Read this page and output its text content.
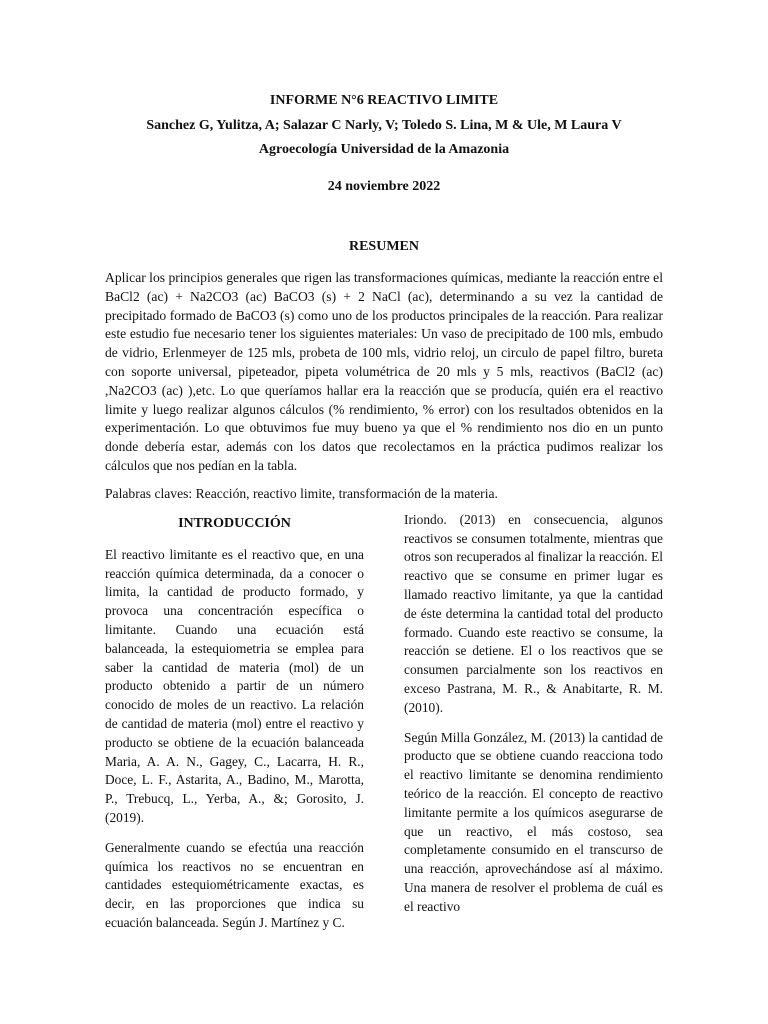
INFORME N°6 REACTIVO LIMITE

Sanchez G, Yulitza, A; Salazar C Narly, V; Toledo S. Lina, M & Ule, M Laura V

Agroecología Universidad de la Amazonia

24 noviembre 2022

RESUMEN

Aplicar los principios generales que rigen las transformaciones químicas, mediante la reacción entre el BaCl2 (ac) + Na2CO3 (ac) BaCO3 (s) + 2 NaCl (ac), determinando a su vez la cantidad de precipitado formado de BaCO3 (s) como uno de los productos principales de la reacción. Para realizar este estudio fue necesario tener los siguientes materiales: Un vaso de precipitado de 100 mls, embudo de vidrio, Erlenmeyer de 125 mls, probeta de 100 mls, vidrio reloj, un circulo de papel filtro, bureta con soporte universal, pipeteador, pipeta volumétrica de 20 mls y 5 mls, reactivos (BaCl2 (ac) ,Na2CO3 (ac) ),etc. Lo que queríamos hallar era la reacción que se producía, quién era el reactivo limite y luego realizar algunos cálculos (% rendimiento, % error) con los resultados obtenidos en la experimentación. Lo que obtuvimos fue muy bueno ya que el % rendimiento nos dio en un punto donde debería estar, además con los datos que recolectamos en la práctica pudimos realizar los cálculos que nos pedían en la tabla.

Palabras claves: Reacción, reactivo limite, transformación de la materia.

INTRODUCCIÓN

El reactivo limitante es el reactivo que, en una reacción química determinada, da a conocer o limita, la cantidad de producto formado, y provoca una concentración específica o limitante. Cuando una ecuación está balanceada, la estequiometria se emplea para saber la cantidad de materia (mol) de un producto obtenido a partir de un número conocido de moles de un reactivo. La relación de cantidad de materia (mol) entre el reactivo y producto se obtiene de la ecuación balanceada Maria, A. A. N., Gagey, C., Lacarra, H. R., Doce, L. F., Astarita, A., Badino, M., Marotta, P., Trebucq, L., Yerba, A., &; Gorosito, J. (2019).

Generalmente cuando se efectúa una reacción química los reactivos no se encuentran en cantidades estequiométricamente exactas, es decir, en las proporciones que indica su ecuación balanceada. Según J. Martínez y C.

Iriondo. (2013) en consecuencia, algunos reactivos se consumen totalmente, mientras que otros son recuperados al finalizar la reacción. El reactivo que se consume en primer lugar es llamado reactivo limitante, ya que la cantidad de éste determina la cantidad total del producto formado. Cuando este reactivo se consume, la reacción se detiene. El o los reactivos que se consumen parcialmente son los reactivos en exceso Pastrana, M. R., & Anabitarte, R. M. (2010).

Según Milla González, M. (2013) la cantidad de producto que se obtiene cuando reacciona todo el reactivo limitante se denomina rendimiento teórico de la reacción. El concepto de reactivo limitante permite a los químicos asegurarse de que un reactivo, el más costoso, sea completamente consumido en el transcurso de una reacción, aprovechándose así al máximo. Una manera de resolver el problema de cuál es el reactivo
